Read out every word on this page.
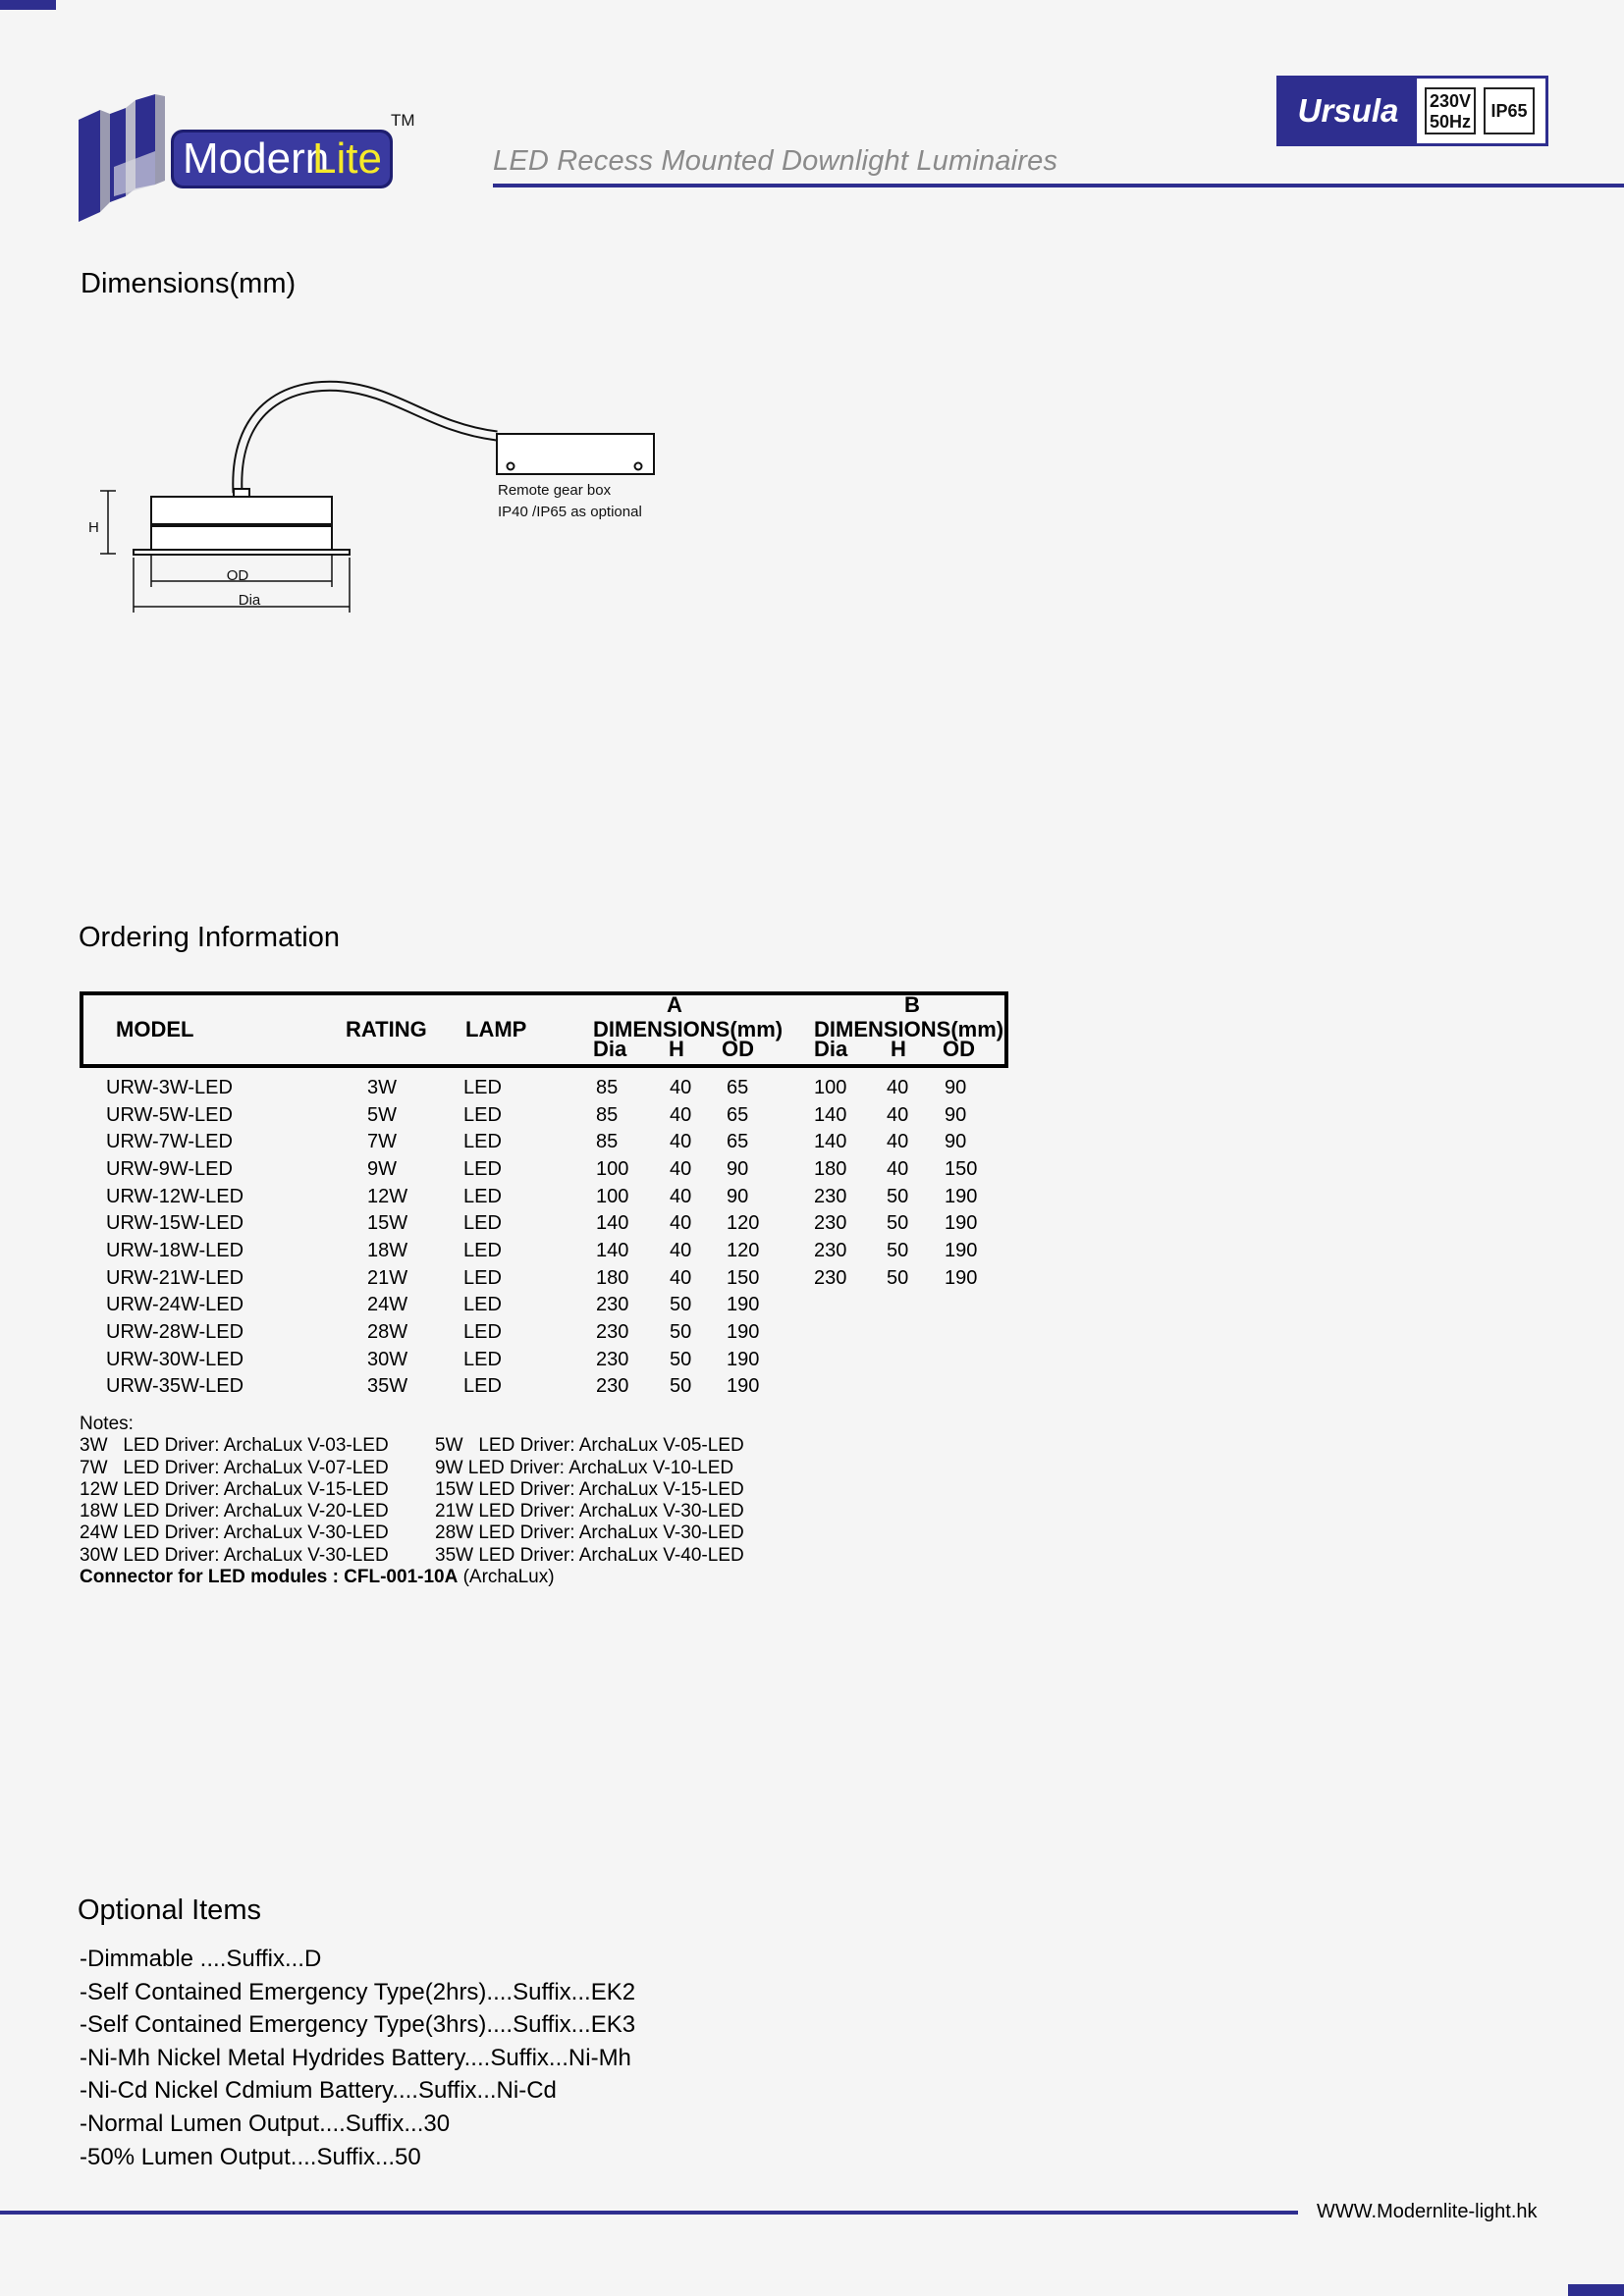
Modern
Lite
TM
LED Recess Mounted Downlight Luminaires
Ursula	230V
50Hz
IP65
Dimensions(mm)
Remote gear box
IP40 /IP65 as optional
H
OD
Dia
Ordering Information
MODEL	RATING LAMP
A
DIMENSIONS(mm)
Dia H OD
B
DIMENSIONS(mm)
Dia H OD
URW-3W-LED	3W	LED	85	40 65	100 40 90
URW-5W-LED	5W	LED	85	40 65	140 40 90
URW-7W-LED	7W	LED	85	40 65	140 40 90
URW-9W-LED	9W	LED	100 40 90	180 40 150
URW-12W-LED	12W	LED	100 40 90	230 50 190
URW-15W-LED	15W	LED	140 40 120	230 50 190
URW-18W-LED	18W	LED	140 40 120	230 50 190
URW-21W-LED	21W	LED	180 40 150	230 50 190
URW-24W-LED	24W	LED	230 50 190
URW-28W-LED	28W	LED	230 50 190
URW-30W-LED	30W	LED	230 50 190
URW-35W-LED	35W	LED	230 50 190
Notes:
3W   LED Driver: ArchaLux V-03-LED	5W   LED Driver: ArchaLux V-05-LED
7W   LED Driver: ArchaLux V-07-LED	9W LED Driver: ArchaLux V-10-LED
12W LED Driver: ArchaLux V-15-LED	15W LED Driver: ArchaLux V-15-LED
18W LED Driver: ArchaLux V-20-LED	21W LED Driver: ArchaLux V-30-LED
24W LED Driver: ArchaLux V-30-LED	28W LED Driver: ArchaLux V-30-LED
30W LED Driver: ArchaLux V-30-LED	35W LED Driver: ArchaLux V-40-LED
Connector for LED modules : CFL-001-10A (ArchaLux)
Optional Items
-Dimmable ....Suffix...D
-Self Contained Emergency Type(2hrs)....Suffix...EK2
-Self Contained Emergency Type(3hrs)....Suffix...EK3
-Ni-Mh Nickel Metal Hydrides Battery....Suffix...Ni-Mh
-Ni-Cd Nickel Cdmium Battery....Suffix...Ni-Cd
-Normal Lumen Output....Suffix...30
-50% Lumen Output....Suffix...50
WWW.Modernlite-light.hk
